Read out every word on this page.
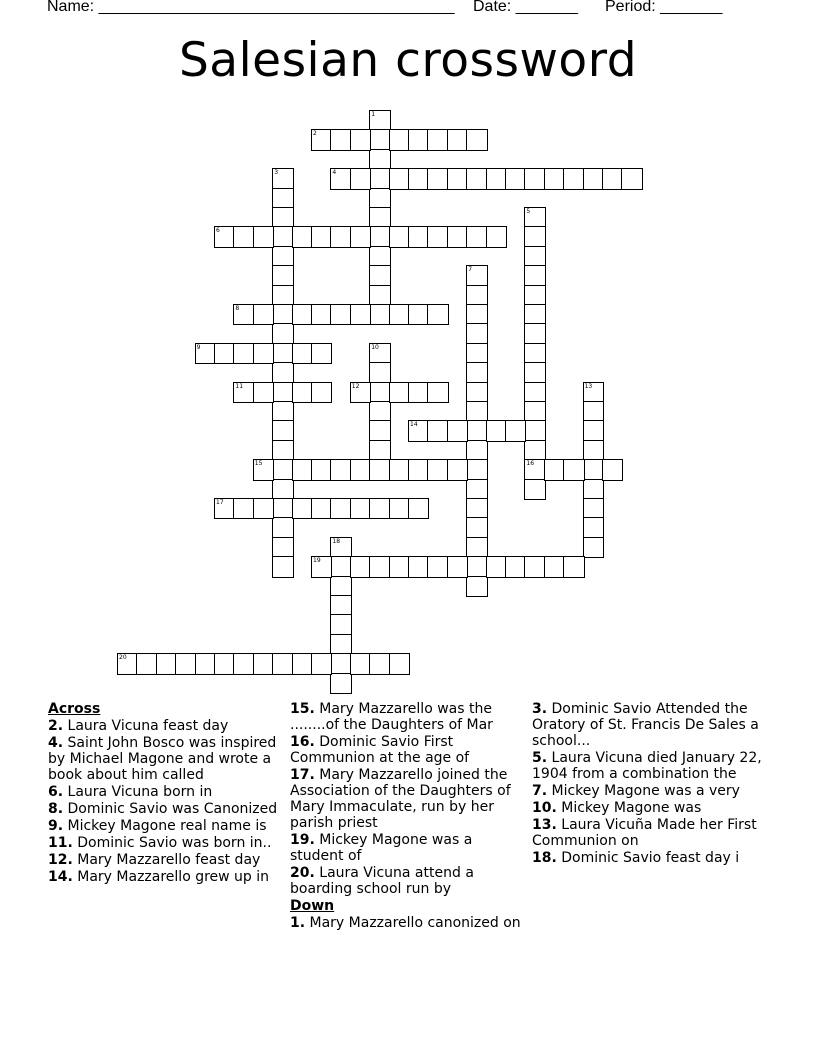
Name: ________________________________________ Date: _______ Period: _______
Salesian crossword
1
2
3	4
5
6
7
8
9	10
11	12	13
14
15	16
17
18
19
20
Across
2. Laura Vicuna feast day
4. Saint John Bosco was inspired by Michael Magone and wrote a book about him called
6. Laura Vicuna born in
8. Dominic Savio was Canonized
9. Mickey Magone real name is
11. Dominic Savio was born in..
12. Mary Mazzarello feast day
14. Mary Mazzarello grew up in
15. Mary Mazzarello was the ........of the Daughters of Mar
16. Dominic Savio First Communion at the age of
17. Mary Mazzarello joined the Association of the Daughters of Mary Immaculate, run by her parish priest
19. Mickey Magone was a student of
20. Laura Vicuna attend a boarding school run by
Down
1. Mary Mazzarello canonized on
3. Dominic Savio Attended the Oratory of St. Francis De Sales a school...
5. Laura Vicuna died January 22, 1904 from a combination the
7. Mickey Magone was a very
10. Mickey Magone was
13. Laura Vicuña Made her First Communion on
18. Dominic Savio feast day i
